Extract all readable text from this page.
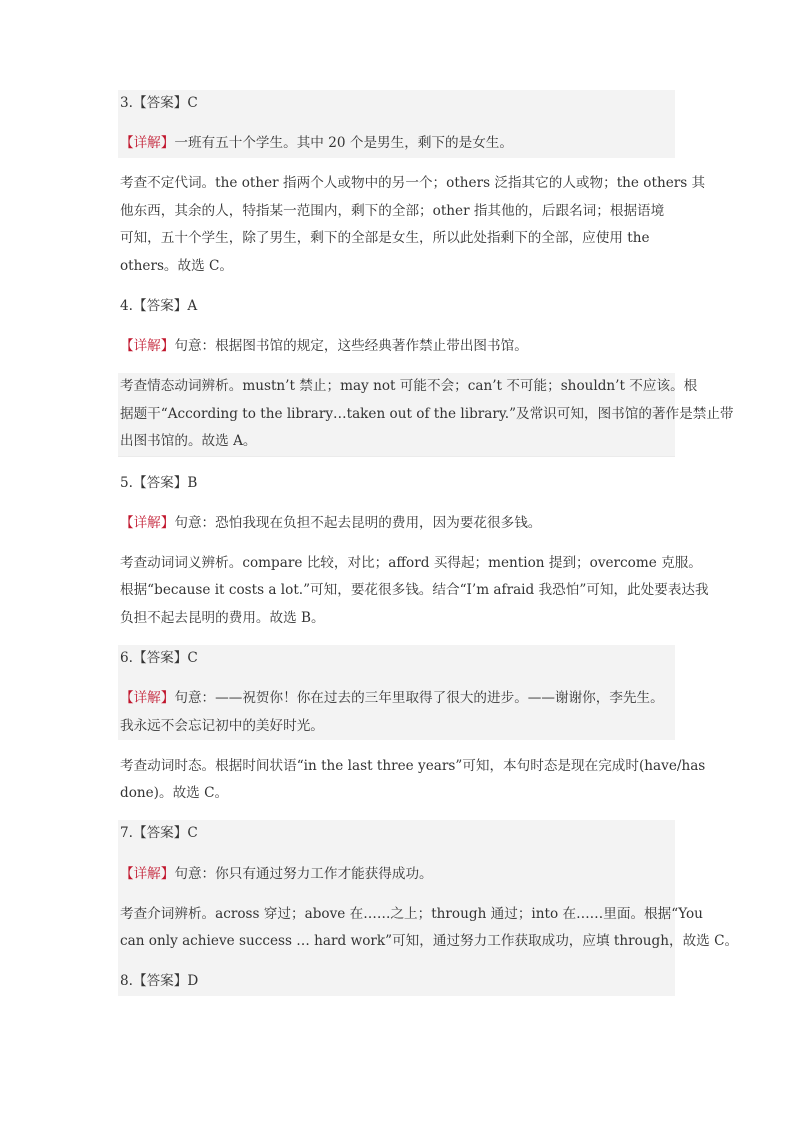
3.【答案】C

【详解】一班有五十个学生。其中 20 个是男生，剩下的是女生。

考查不定代词。the other 指两个人或物中的另一个；others 泛指其它的人或物；the others 其

他东西，其余的人，特指某一范围内，剩下的全部；other 指其他的，后跟名词；根据语境

可知，五十个学生，除了男生，剩下的全部是女生，所以此处指剩下的全部，应使用 the

others。故选 C。

4.【答案】A

【详解】句意：根据图书馆的规定，这些经典著作禁止带出图书馆。

考查情态动词辨析。mustn’t 禁止；may not 可能不会；can’t 不可能；shouldn’t 不应该。根

据题干“According to the library…taken out of the library.”及常识可知，图书馆的著作是禁止带

出图书馆的。故选 A。

5.【答案】B

【详解】句意：恐怕我现在负担不起去昆明的费用，因为要花很多钱。

考查动词词义辨析。compare 比较，对比；afford 买得起；mention 提到；overcome 克服。

根据“because it costs a lot.”可知，要花很多钱。结合“I’m afraid 我恐怕”可知，此处要表达我

负担不起去昆明的费用。故选 B。

6.【答案】C

【详解】句意：——祝贺你！你在过去的三年里取得了很大的进步。——谢谢你，李先生。

我永远不会忘记初中的美好时光。

考查动词时态。根据时间状语“in the last three years”可知，本句时态是现在完成时(have/has

done)。故选 C。

7.【答案】C

【详解】句意：你只有通过努力工作才能获得成功。

考查介词辨析。across 穿过；above 在……之上；through 通过；into 在……里面。根据“You

can only achieve success … hard work”可知，通过努力工作获取成功，应填 through，故选 C。

8.【答案】D
